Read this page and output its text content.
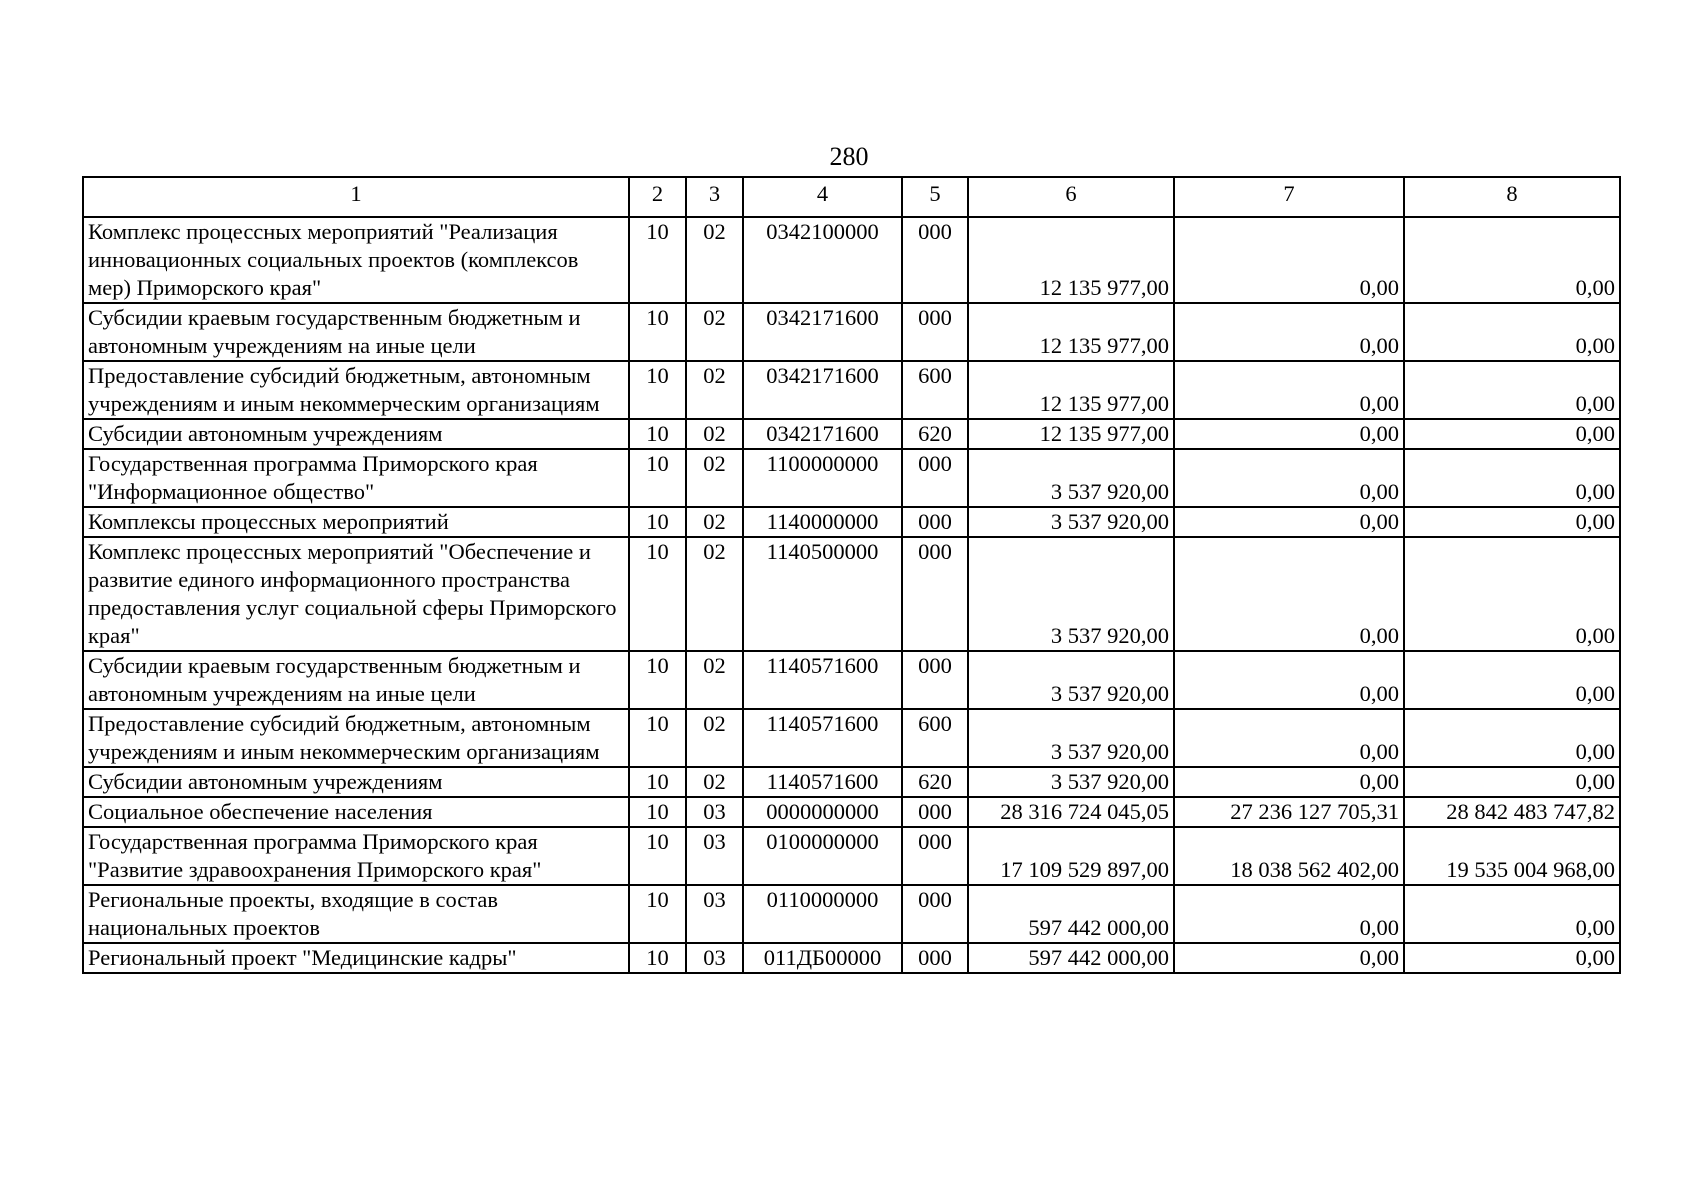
280
1	2	3	4	5	6	7	8
Комплекс процессных мероприятий "Реализация инновационных социальных проектов (комплексов мер) Приморского края"	10	02	0342100000	000	12 135 977,00	0,00	0,00
Субсидии краевым государственным бюджетным и автономным учреждениям на иные цели	10	02	0342171600	000	12 135 977,00	0,00	0,00
Предоставление субсидий бюджетным, автономным учреждениям и иным некоммерческим организациям	10	02	0342171600	600	12 135 977,00	0,00	0,00
Субсидии автономным учреждениям	10	02	0342171600	620	12 135 977,00	0,00	0,00
Государственная программа Приморского края "Информационное общество"	10	02	1100000000	000	3 537 920,00	0,00	0,00
Комплексы процессных мероприятий	10	02	1140000000	000	3 537 920,00	0,00	0,00
Комплекс процессных мероприятий "Обеспечение и развитие единого информационного пространства предоставления услуг социальной сферы Приморского края"	10	02	1140500000	000	3 537 920,00	0,00	0,00
Субсидии краевым государственным бюджетным и автономным учреждениям на иные цели	10	02	1140571600	000	3 537 920,00	0,00	0,00
Предоставление субсидий бюджетным, автономным учреждениям и иным некоммерческим организациям	10	02	1140571600	600	3 537 920,00	0,00	0,00
Субсидии автономным учреждениям	10	02	1140571600	620	3 537 920,00	0,00	0,00
Социальное обеспечение населения	10	03	0000000000	000	28 316 724 045,05	27 236 127 705,31	28 842 483 747,82
Государственная программа Приморского края "Развитие здравоохранения Приморского края"	10	03	0100000000	000	17 109 529 897,00	18 038 562 402,00	19 535 004 968,00
Региональные проекты, входящие в состав национальных проектов	10	03	0110000000	000	597 442 000,00	0,00	0,00
Региональный проект "Медицинские кадры"	10	03	011ДБ00000	000	597 442 000,00	0,00	0,00
